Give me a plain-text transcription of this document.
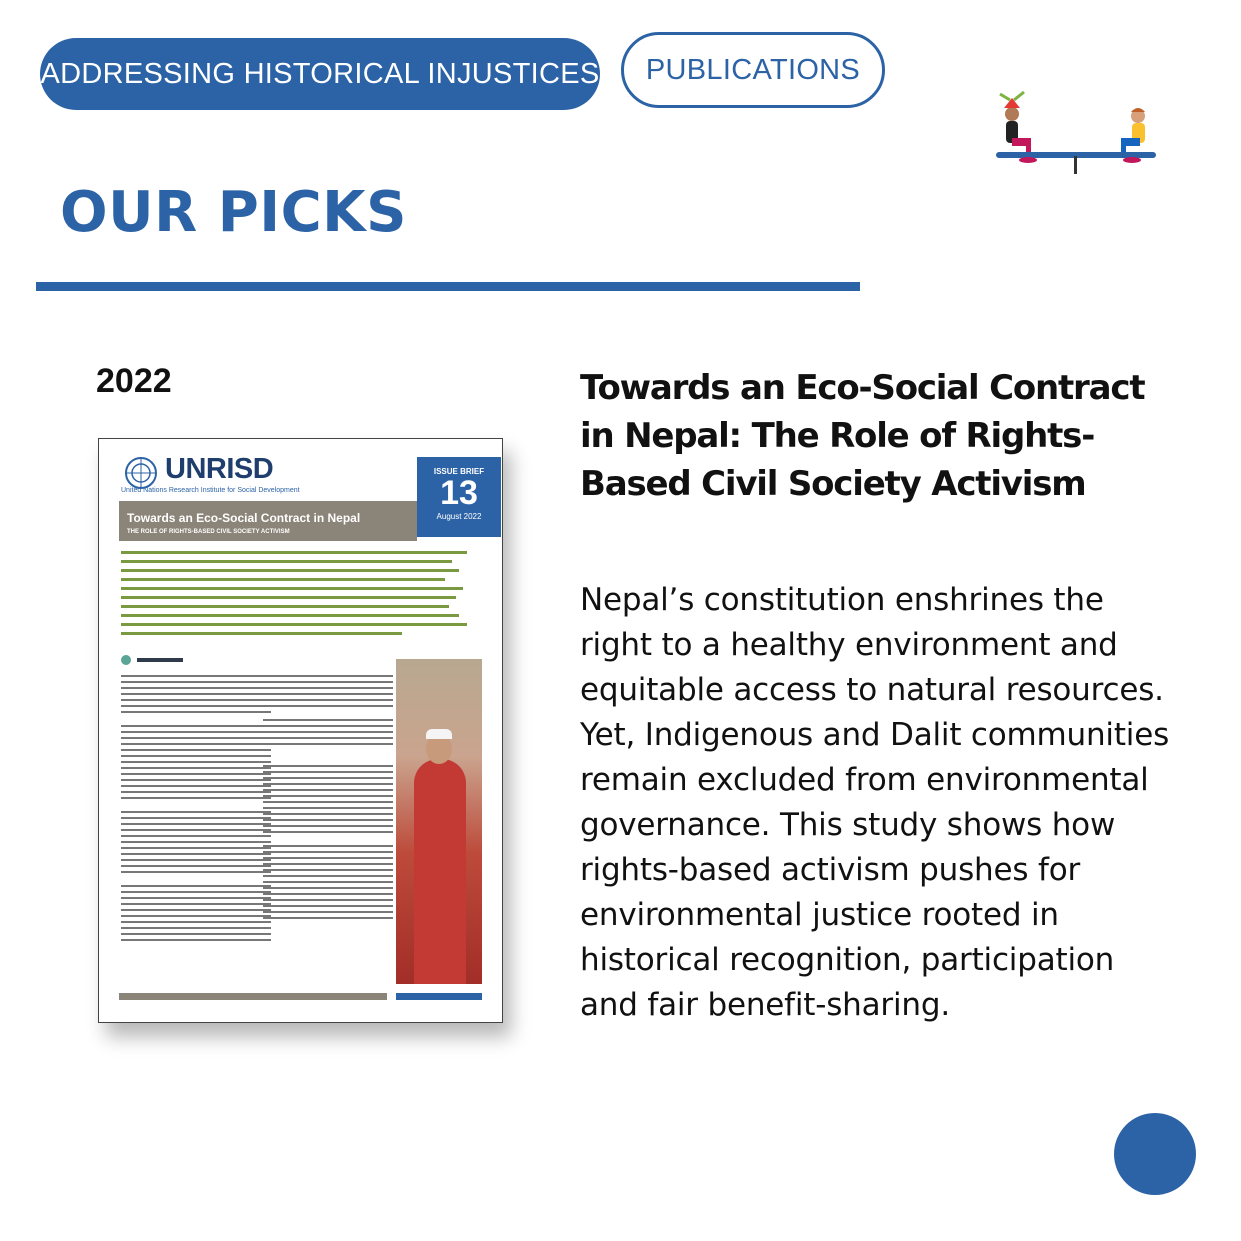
ADDRESSING HISTORICAL INJUSTICES	PUBLICATIONS
OUR PICKS
2022
UNRISD
United Nations Research Institute for Social Development
ISSUE BRIEF
13
August 2022
Towards an Eco-Social Contract in Nepal
THE ROLE OF RIGHTS-BASED CIVIL SOCIETY ACTIVISM
Towards an Eco-Social Contract in Nepal: The Role of Rights-Based Civil Society Activism

Nepal’s constitution enshrines the right to a healthy environment and equitable access to natural resources. Yet, Indigenous and Dalit communities remain excluded from environmental governance. This study shows how rights-based activism pushes for environmental justice rooted in historical recognition, participation and fair benefit-sharing.
